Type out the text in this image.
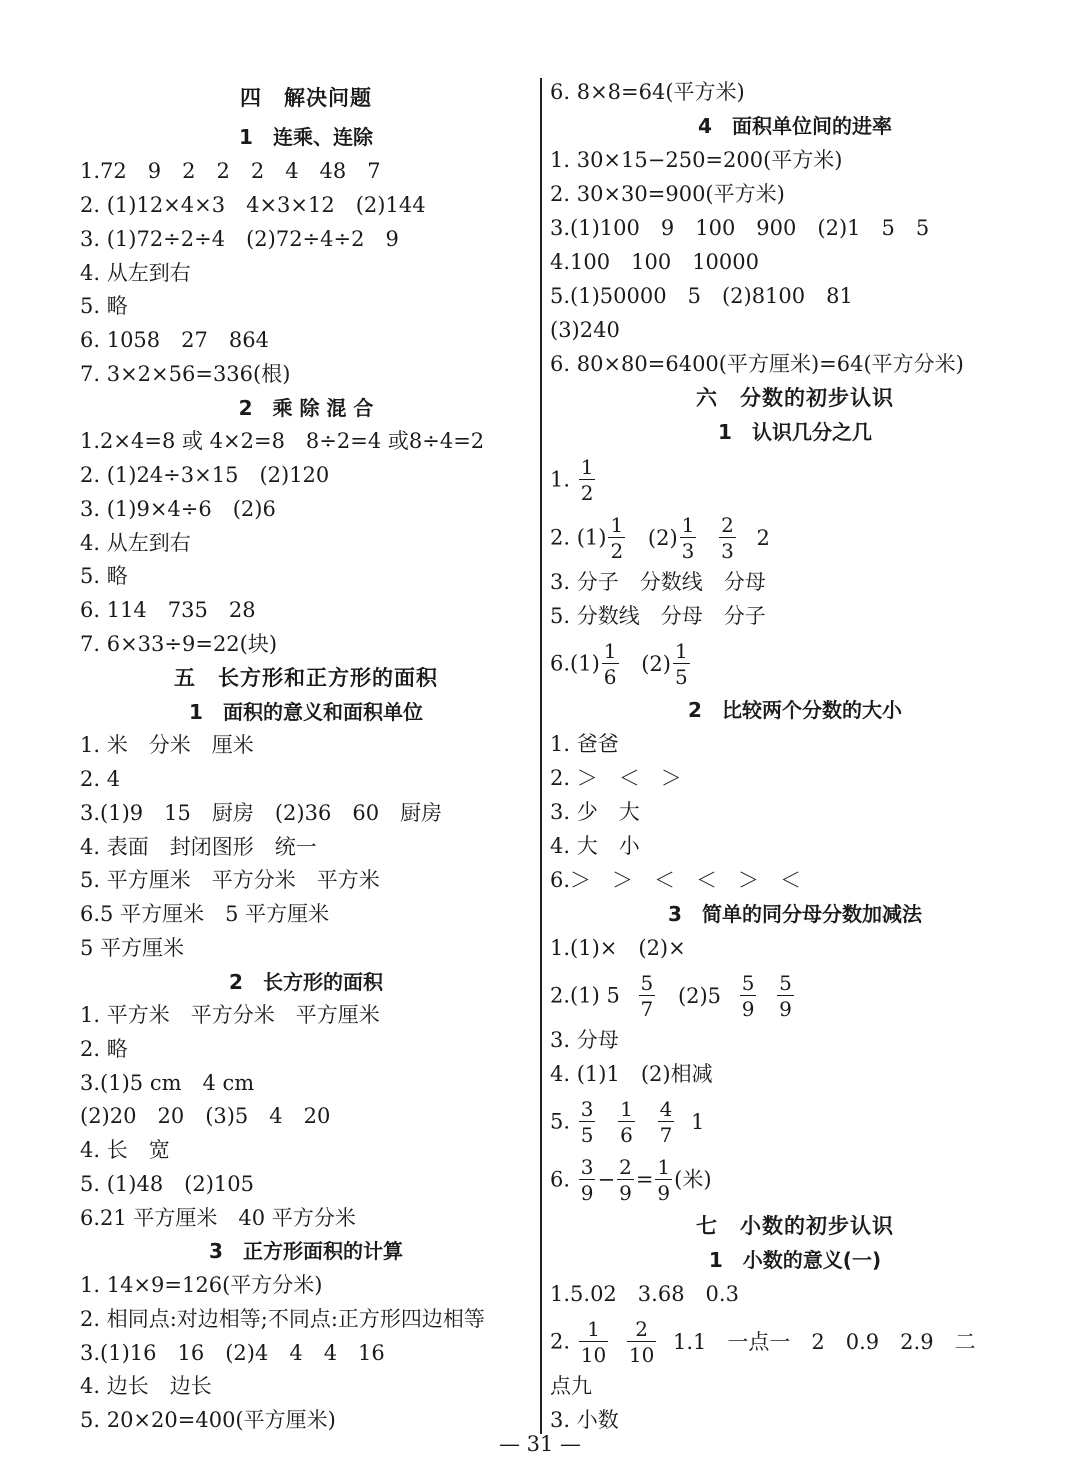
四　解决问题
1　连乘、连除
1.72　9　2　2　2　4　48　7
2. (1)12×4×3　4×3×12　(2)144
3. (1)72÷2÷4　(2)72÷4÷2　9
4. 从左到右
5. 略
6. 1058　27　864
7. 3×2×56=336(根)
2　乘 除 混 合
1.2×4=8 或 4×2=8　8÷2=4 或8÷4=2
2. (1)24÷3×15　(2)120
3. (1)9×4÷6　(2)6
4. 从左到右
5. 略
6. 114　735　28
7. 6×33÷9=22(块)
五　长方形和正方形的面积
1　面积的意义和面积单位
1. 米　分米　厘米
2. 4
3.(1)9　15　厨房　(2)36　60　厨房
4. 表面　封闭图形　统一
5. 平方厘米　平方分米　平方米
6.5 平方厘米　5 平方厘米
5 平方厘米
2　长方形的面积
1. 平方米　平方分米　平方厘米
2. 略
3.(1)5 cm　4 cm
(2)20　20　(3)5　4　20
4. 长　宽
5. (1)48　(2)105
6.21 平方厘米　40 平方分米
3　正方形面积的计算
1. 14×9=126(平方分米)
2. 相同点:对边相等;不同点:正方形四边相等
3.(1)16　16　(2)4　4　4　16
4. 边长　边长
5. 20×20=400(平方厘米)
6. 8×8=64(平方米)
4　面积单位间的进率
1. 30×15−250=200(平方米)
2. 30×30=900(平方米)
3.(1)100　9　100　900　(2)1　5　5
4.100　100　10000
5.(1)50000　5　(2)8100　81
(3)240
6. 80×80=6400(平方厘米)=64(平方分米)
六　分数的初步认识
1　认识几分之几
1. $\frac{1}{2}$
2. $(1) \frac{1}{2} (2) \frac{1}{3}$
$\frac{2}{3} 2$
3. 分子　分数线　分母
5. 分数线　分母　分子
$6.(1) \frac{1}{6} (2) \frac{1}{5}$
2　比较两个分数的大小
1. 爸爸
2. ＞　＜　＞
3. 少　大
4. 大　小
6.＞　＞　＜　＜　＞　＜
3　简单的同分母分数加减法
1.(1)×　(2)×
2.(1) $5 \frac{5}{7} (2)5 \frac{5}{9}$
$\frac{5}{9}$
3. 分母
4. (1)1　(2)相减
5. $\frac{3}{5}$
$\frac{1}{6}$
$\frac{4}{7} 1$
6. $\frac{3}{9} - \frac{2}{9} = \frac{1}{9}$ (米)
七　小数的初步认识
1　小数的意义(一)
1.5.02　3.68　0.3
2. $\frac{1}{10}$
$\frac{2}{10} 1.1$　一点一　2　0.9　2.9　二
点九
3. 小数
— 31 —
